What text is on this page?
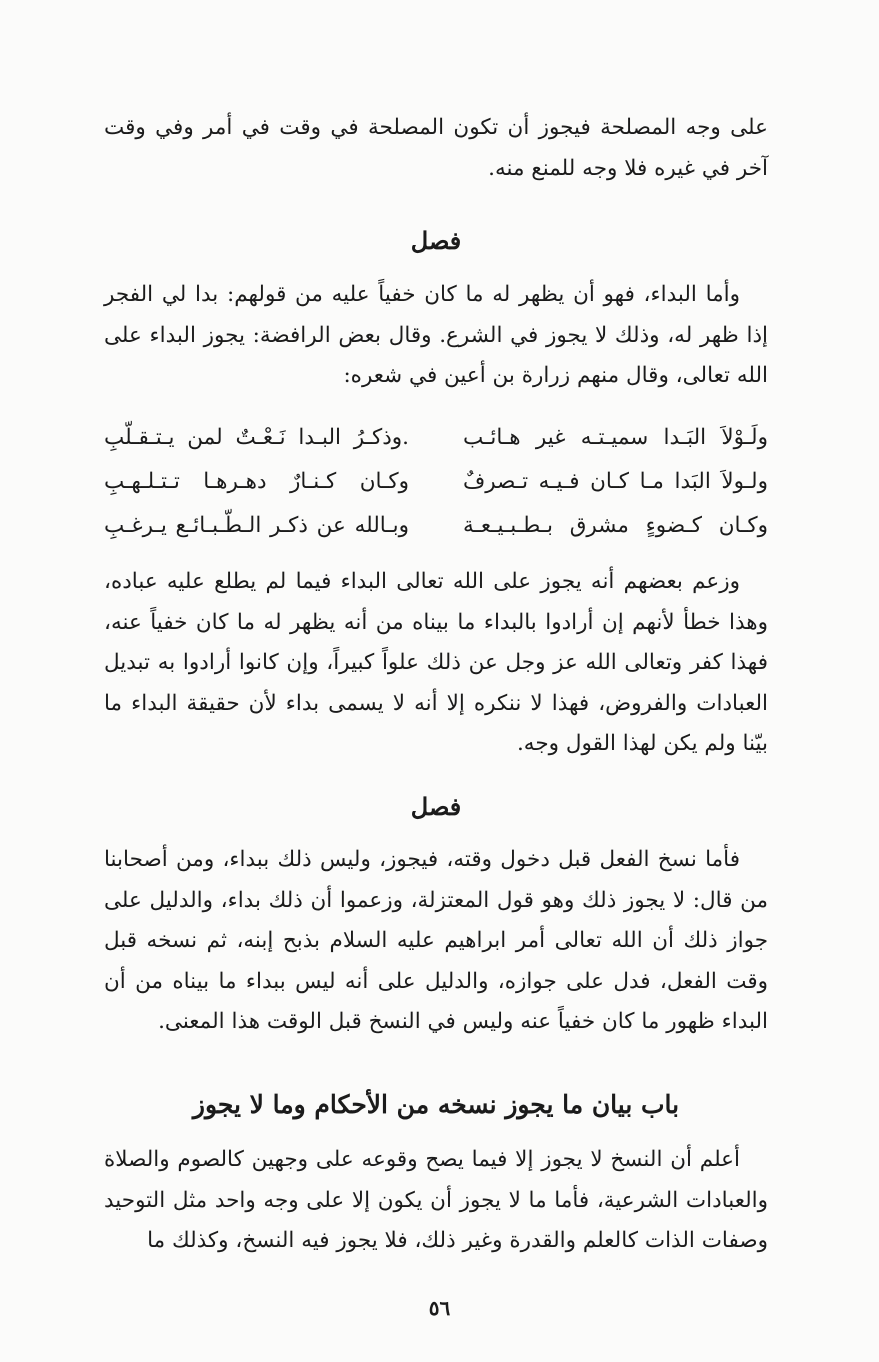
على وجه المصلحة فيجوز أن تكون المصلحة في وقت في أمر وفي وقت آخر في غيره فلا وجه للمنع منه.

فصل

وأما البداء، فهو أن يظهر له ما كان خفياً عليه من قولهم: بدا لي الفجر إذا ظهر له، وذلك لا يجوز في الشرع. وقال بعض الرافضة: يجوز البداء على الله تعالى، وقال منهم زرارة بن أعين في شعره:

ولَـوْلاَ البَـدا سميـتـه غير هـائـب
.وذكـرُ البـدا نَـعْـتٌ لمن يـتـقـلّبِ
ولـولاَ البَدا مـا كـان فـيـه تـصرفٌ
وكـان كـنـارٌ دهـرهـا تـتـلـهـبِ
وكـان كـضوءٍ مشرق بـطـبـيـعـة
وبـالله عن ذكـر الـطّـبـائـع يـرغـبِ

وزعم بعضهم أنه يجوز على الله تعالى البداء فيما لم يطلع عليه عباده، وهذا خطأ لأنهم إن أرادوا بالبداء ما بيناه من أنه يظهر له ما كان خفياً عنه، فهذا كفر وتعالى الله عز وجل عن ذلك علواً كبيراً، وإن كانوا أرادوا به تبديل العبادات والفروض، فهذا لا ننكره إلا أنه لا يسمى بداء لأن حقيقة البداء ما بيّنا ولم يكن لهذا القول وجه.

فصل

فأما نسخ الفعل قبل دخول وقته، فيجوز، وليس ذلك ببداء، ومن أصحابنا من قال: لا يجوز ذلك وهو قول المعتزلة، وزعموا أن ذلك بداء، والدليل على جواز ذلك أن الله تعالى أمر ابراهيم عليه السلام بذبح إبنه، ثم نسخه قبل وقت الفعل، فدل على جوازه، والدليل على أنه ليس ببداء ما بيناه من أن البداء ظهور ما كان خفياً عنه وليس في النسخ قبل الوقت هذا المعنى.

باب بيان ما يجوز نسخه من الأحكام وما لا يجوز

أعلم أن النسخ لا يجوز إلا فيما يصح وقوعه على وجهين كالصوم والصلاة والعبادات الشرعية، فأما ما لا يجوز أن يكون إلا على وجه واحد مثل التوحيد وصفات الذات كالعلم والقدرة وغير ذلك، فلا يجوز فيه النسخ، وكذلك ما

٥٦
